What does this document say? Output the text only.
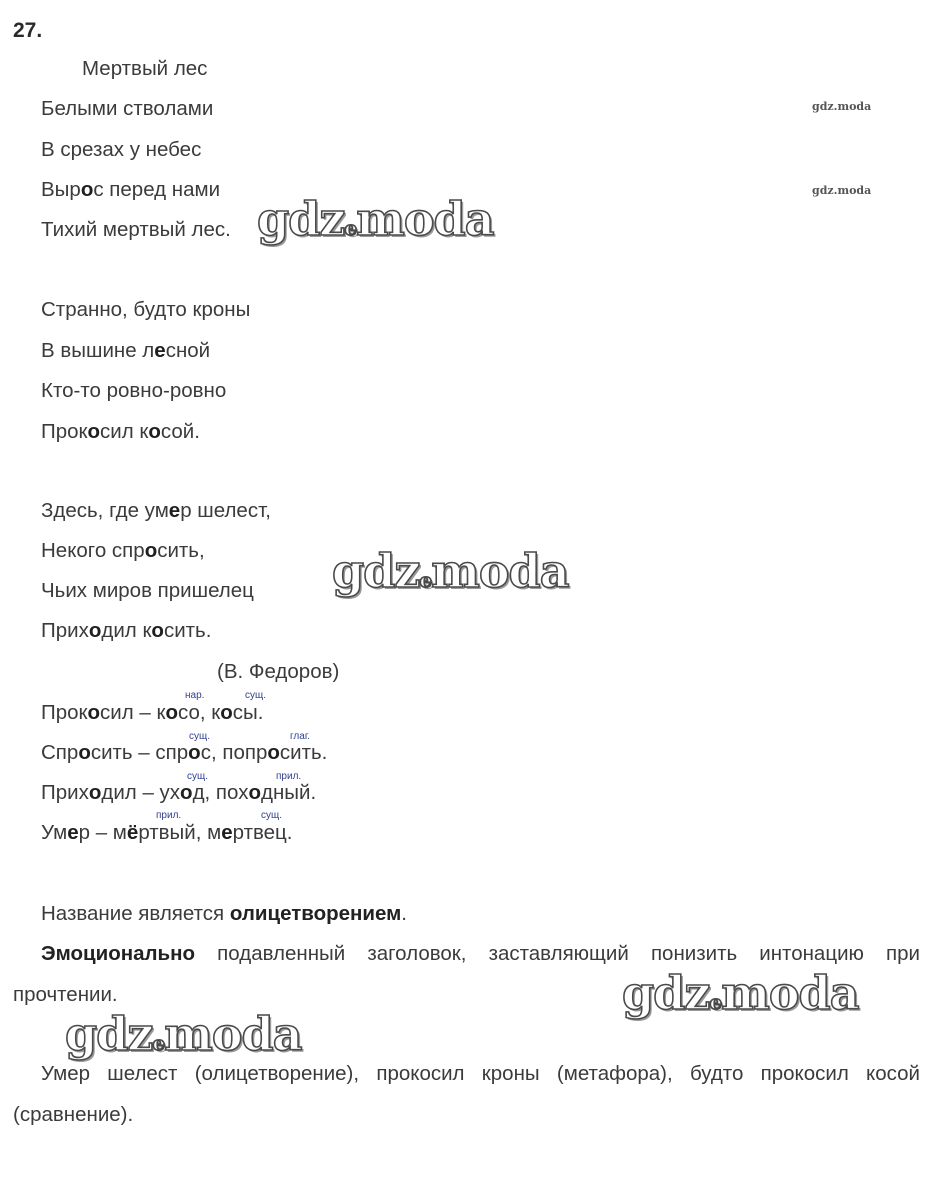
27.
Мертвый лес
Белыми стволами
В срезах у небес
Вырос перед нами
Тихий мертвый лес.
Странно, будто кроны
В вышине лесной
Кто-то ровно-ровно
Прокосил косой.
Здесь, где умер шелест,
Некого спросить,
Чьих миров пришелец
Приходил косить.
(В. Федоров)
нар.	сущ.
Прокосил – косо, косы.
сущ.	глаг.
Спросить – спрос, попросить.
сущ.	прил.
Приходил – уход, походный.
прил.	сущ.
Умер – мёртвый, мертвец.
Название является олицетворением.
Эмоционально подавленный заголовок, заставляющий понизить интонацию при прочтении.
Умер шелест (олицетворение), прокосил кроны (метафора), будто прокосил косой (сравнение).
gdz.moda
gdz.moda
gdzemoda
gdzemoda
gdzemoda
gdzemoda
